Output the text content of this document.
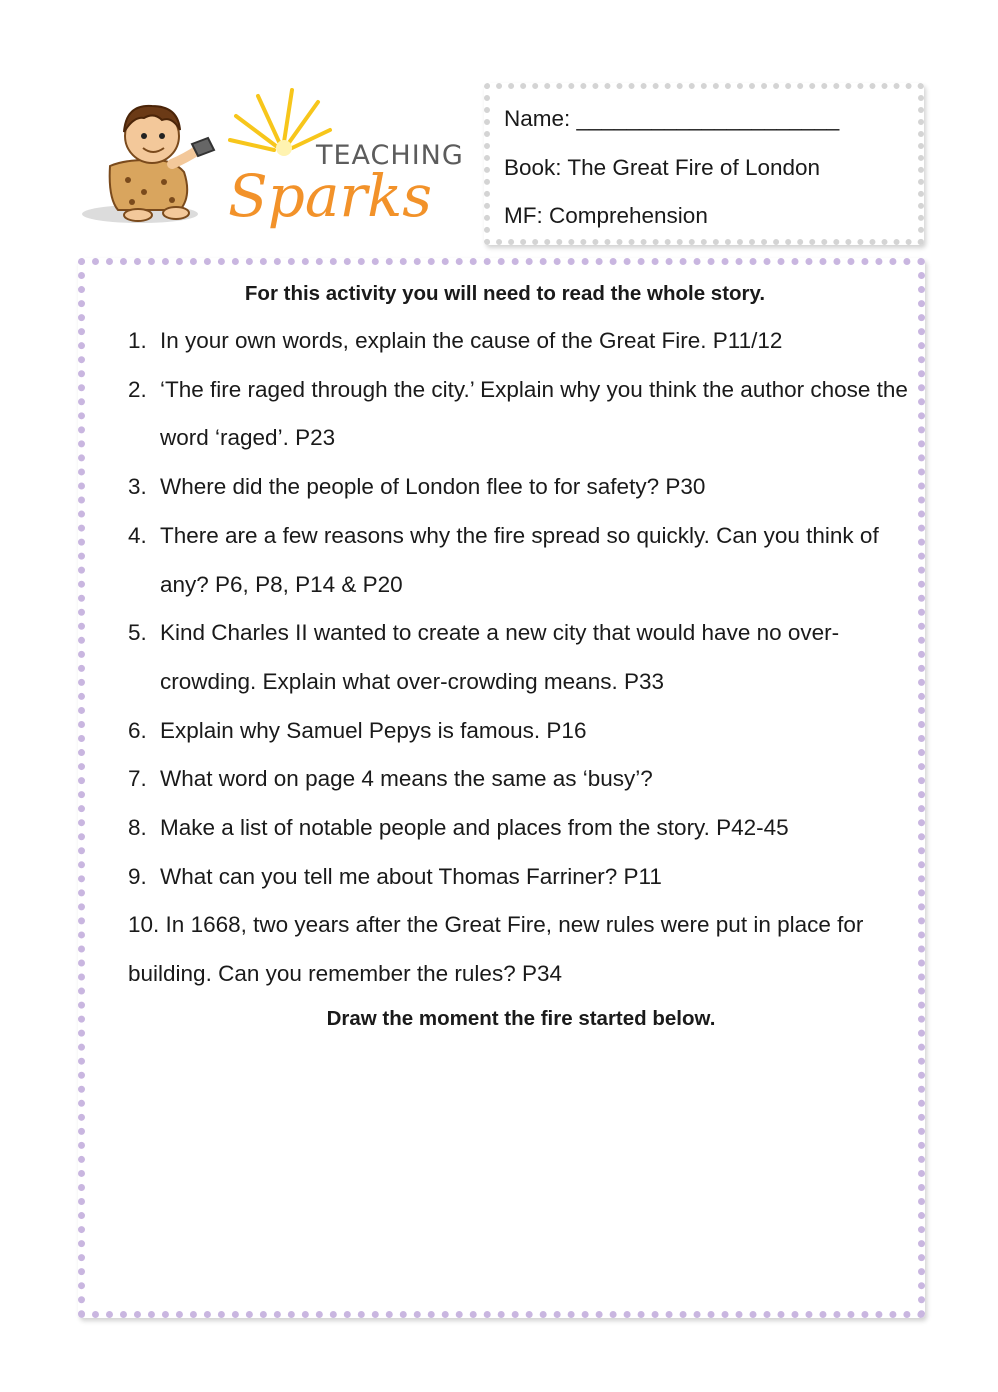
TEACHING
Sparks
Name: _____________________
Book: The Great Fire of London
MF: Comprehension
For this activity you will need to read the whole story.
1. In your own words, explain the cause of the Great Fire. P11/12
2. ‘The fire raged through the city.’ Explain why you think the author chose the word ‘raged’. P23
3. Where did the people of London flee to for safety? P30
4. There are a few reasons why the fire spread so quickly. Can you think of any? P6, P8, P14 & P20
5. Kind Charles II wanted to create a new city that would have no over-crowding. Explain what over-crowding means. P33
6. Explain why Samuel Pepys is famous. P16
7. What word on page 4 means the same as ‘busy’?
8. Make a list of notable people and places from the story. P42-45
9. What can you tell me about Thomas Farriner? P11
10. In 1668, two years after the Great Fire, new rules were put in place for building. Can you remember the rules? P34
Draw the moment the fire started below.
